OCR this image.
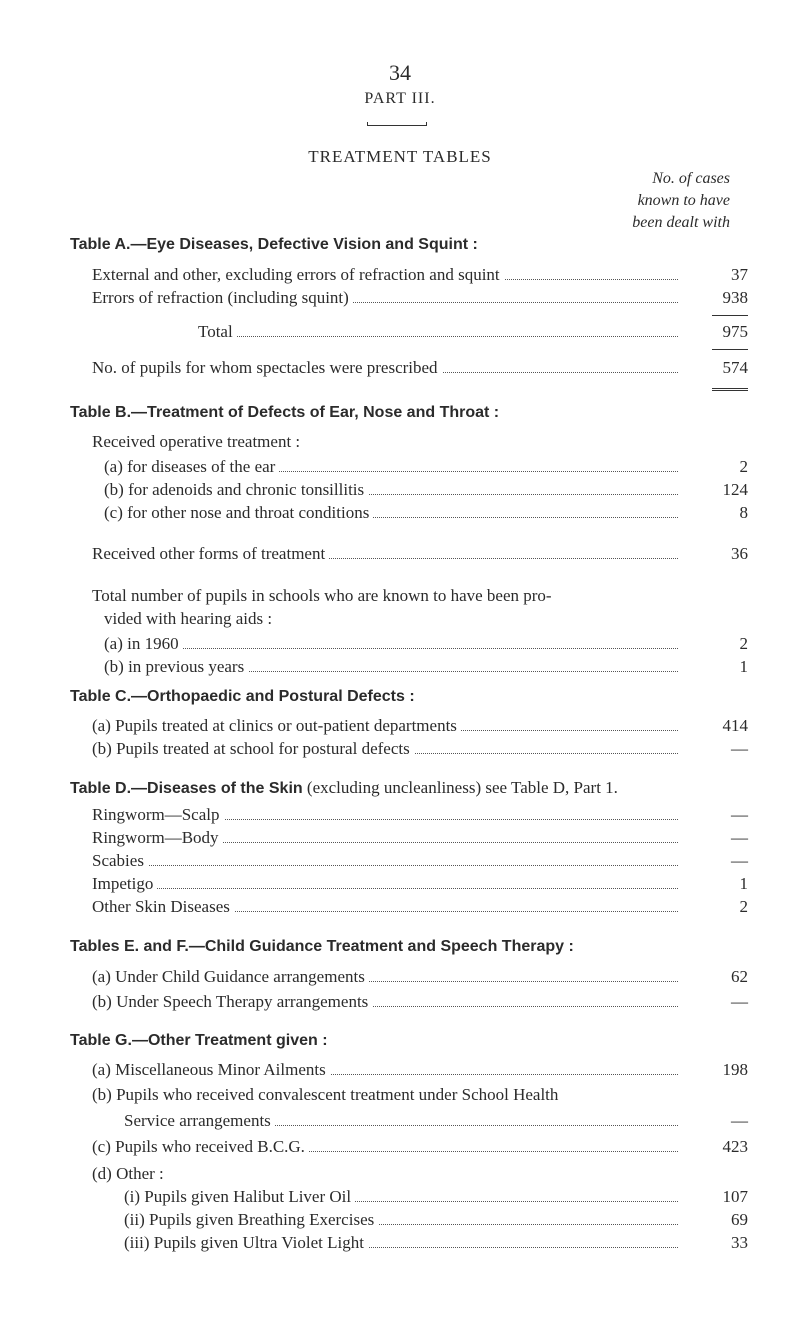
34
PART III.
TREATMENT TABLES
No. of cases
known to have
been dealt with
Table A.—Eye Diseases, Defective Vision and Squint :
External and other, excluding errors of refraction and squint	37
Errors of refraction (including squint)	938
Total	975
No. of pupils for whom spectacles were prescribed	574
Table B.—Treatment of Defects of Ear, Nose and Throat :
Received operative treatment :
(a) for diseases of the ear	2
(b) for adenoids and chronic tonsillitis	124
(c) for other nose and throat conditions	8
Received other forms of treatment	36
Total number of pupils in schools who are known to have been pro-
vided with hearing aids :
(a) in 1960	2
(b) in previous years	1
Table C.—Orthopaedic and Postural Defects :
(a) Pupils treated at clinics or out-patient departments	414
(b) Pupils treated at school for postural defects	—
Table D.—Diseases of the Skin (excluding uncleanliness) see Table D, Part 1.
Ringworm—Scalp	—
Ringworm—Body	—
Scabies	—
Impetigo	1
Other Skin Diseases	2
Tables E. and F.—Child Guidance Treatment and Speech Therapy :
(a) Under Child Guidance arrangements	62
(b) Under Speech Therapy arrangements	—
Table G.—Other Treatment given :
(a) Miscellaneous Minor Ailments	198
(b) Pupils who received convalescent treatment under School Health
Service arrangements	—
(c) Pupils who received B.C.G.	423
(d) Other :
(i) Pupils given Halibut Liver Oil	107
(ii) Pupils given Breathing Exercises	69
(iii) Pupils given Ultra Violet Light	33
